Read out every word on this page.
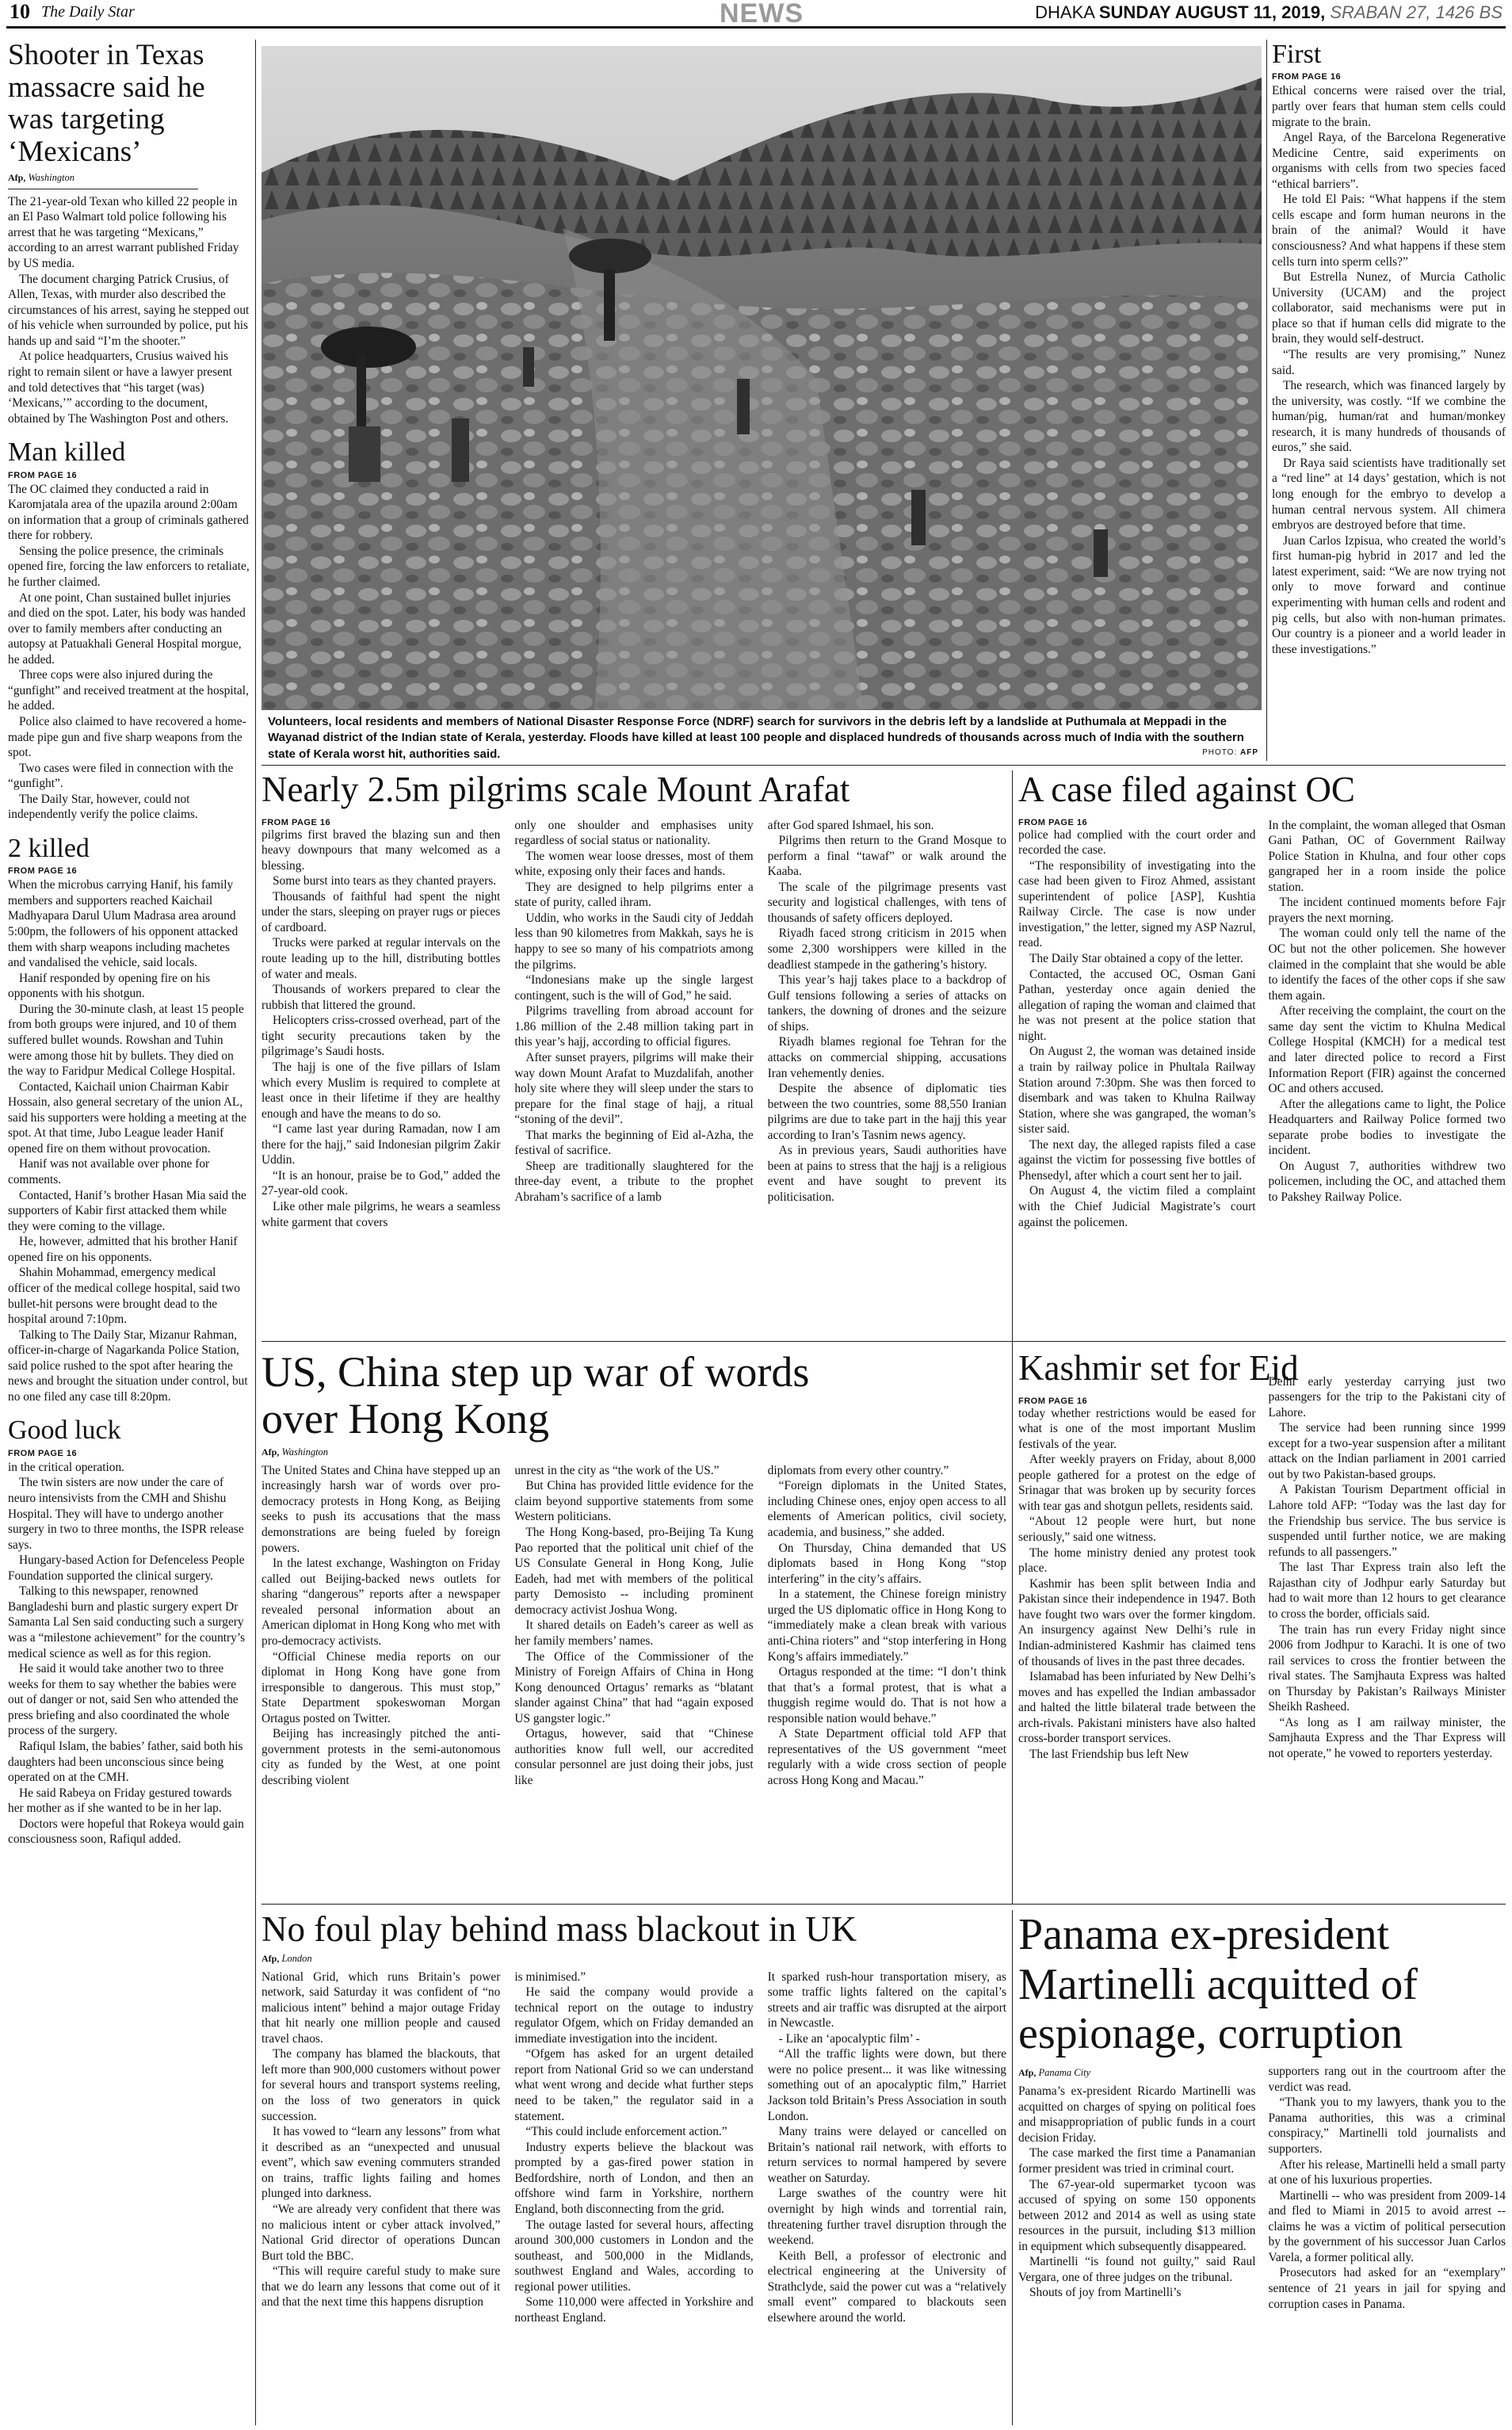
10 The Daily Star	NEWS	DHAKA SUNDAY AUGUST 11, 2019, SRABAN 27, 1426 BS
Shooter in Texas massacre said he was targeting ‘Mexicans’
Afp, Washington

The 21-year-old Texan who killed 22 people in an El Paso Walmart told police following his arrest that he was targeting “Mexicans,” according to an arrest warrant published Friday by US media.

The document charging Patrick Crusius, of Allen, Texas, with murder also described the circumstances of his arrest, saying he stepped out of his vehicle when surrounded by police, put his hands up and said “I’m the shooter.”

At police headquarters, Crusius waived his right to remain silent or have a lawyer present and told detectives that “his target (was) ‘Mexicans,’” according to the document, obtained by The Washington Post and others.

Man killed
FROM PAGE 16

The OC claimed they conducted a raid in Karomjatala area of the upazila around 2:00am on information that a group of criminals gathered there for robbery.

Sensing the police presence, the criminals opened fire, forcing the law enforcers to retaliate, he further claimed.

At one point, Chan sustained bullet injuries and died on the spot. Later, his body was handed over to family members after conducting an autopsy at Patuakhali General Hospital morgue, he added.

Three cops were also injured during the “gunfight” and received treatment at the hospital, he added.

Police also claimed to have recovered a home-made pipe gun and five sharp weapons from the spot.

Two cases were filed in connection with the “gunfight”.

The Daily Star, however, could not independently verify the police claims.

2 killed
FROM PAGE 16

When the microbus carrying Hanif, his family members and supporters reached Kaichail Madhyapara Darul Ulum Madrasa area around 5:00pm, the followers of his opponent attacked them with sharp weapons including machetes and vandalised the vehicle, said locals.

Hanif responded by opening fire on his opponents with his shotgun.

During the 30-minute clash, at least 15 people from both groups were injured, and 10 of them suffered bullet wounds. Rowshan and Tuhin were among those hit by bullets. They died on the way to Faridpur Medical College Hospital.

Contacted, Kaichail union Chairman Kabir Hossain, also general secretary of the union AL, said his supporters were holding a meeting at the spot. At that time, Jubo League leader Hanif opened fire on them without provocation.

Hanif was not available over phone for comments.

Contacted, Hanif’s brother Hasan Mia said the supporters of Kabir first attacked them while they were coming to the village.

He, however, admitted that his brother Hanif opened fire on his opponents.

Shahin Mohammad, emergency medical officer of the medical college hospital, said two bullet-hit persons were brought dead to the hospital around 7:10pm.

Talking to The Daily Star, Mizanur Rahman, officer-in-charge of Nagarkanda Police Station, said police rushed to the spot after hearing the news and brought the situation under control, but no one filed any case till 8:20pm.

Good luck
FROM PAGE 16

in the critical operation.

The twin sisters are now under the care of neuro intensivists from the CMH and Shishu Hospital. They will have to undergo another surgery in two to three months, the ISPR release says.

Hungary-based Action for Defenceless People Foundation supported the clinical surgery.

Talking to this newspaper, renowned Bangladeshi burn and plastic surgery expert Dr Samanta Lal Sen said conducting such a surgery was a “milestone achievement” for the country’s medical science as well as for this region.

He said it would take another two to three weeks for them to say whether the babies were out of danger or not, said Sen who attended the press briefing and also coordinated the whole process of the surgery.

Rafiqul Islam, the babies’ father, said both his daughters had been unconscious since being operated on at the CMH.

He said Rabeya on Friday gestured towards her mother as if she wanted to be in her lap.

Doctors were hopeful that Rokeya would gain consciousness soon, Rafiqul added.

Volunteers, local residents and members of National Disaster Response Force (NDRF) search for survivors in the debris left by a landslide at Puthumala at Meppadi in the Wayanad district of the Indian state of Kerala, yesterday. Floods have killed at least 100 people and displaced hundreds of thousands across much of India with the southern state of Kerala worst hit, authorities said.	PHOTO: AFP
First
FROM PAGE 16

Ethical concerns were raised over the trial, partly over fears that human stem cells could migrate to the brain.

Angel Raya, of the Barcelona Regenerative Medicine Centre, said experiments on organisms with cells from two species faced “ethical barriers”.

He told El Pais: “What happens if the stem cells escape and form human neurons in the brain of the animal? Would it have consciousness? And what happens if these stem cells turn into sperm cells?”

But Estrella Nunez, of Murcia Catholic University (UCAM) and the project collaborator, said mechanisms were put in place so that if human cells did migrate to the brain, they would self-destruct.

“The results are very promising,” Nunez said.

The research, which was financed largely by the university, was costly. “If we combine the human/pig, human/rat and human/monkey research, it is many hundreds of thousands of euros,” she said.

Dr Raya said scientists have traditionally set a “red line” at 14 days’ gestation, which is not long enough for the embryo to develop a human central nervous system. All chimera embryos are destroyed before that time.

Juan Carlos Izpisua, who created the world’s first human-pig hybrid in 2017 and led the latest experiment, said: “We are now trying not only to move forward and continue experimenting with human cells and rodent and pig cells, but also with non-human primates. Our country is a pioneer and a world leader in these investigations.”

Nearly 2.5m pilgrims scale Mount Arafat
FROM PAGE 16

pilgrims first braved the blazing sun and then heavy downpours that many welcomed as a blessing.

Some burst into tears as they chanted prayers.

Thousands of faithful had spent the night under the stars, sleeping on prayer rugs or pieces of cardboard.

Trucks were parked at regular intervals on the route leading up to the hill, distributing bottles of water and meals.

Thousands of workers prepared to clear the rubbish that littered the ground.

Helicopters criss-crossed overhead, part of the tight security precautions taken by the pilgrimage’s Saudi hosts.

The hajj is one of the five pillars of Islam which every Muslim is required to complete at least once in their lifetime if they are healthy enough and have the means to do so.

“I came last year during Ramadan, now I am there for the hajj,” said Indonesian pilgrim Zakir Uddin.

“It is an honour, praise be to God,” added the 27-year-old cook.

Like other male pilgrims, he wears a seamless white garment that covers

only one shoulder and emphasises unity regardless of social status or nationality.

The women wear loose dresses, most of them white, exposing only their faces and hands.

They are designed to help pilgrims enter a state of purity, called ihram.

Uddin, who works in the Saudi city of Jeddah less than 90 kilometres from Makkah, says he is happy to see so many of his compatriots among the pilgrims.

“Indonesians make up the single largest contingent, such is the will of God,” he said.

Pilgrims travelling from abroad account for 1.86 million of the 2.48 million taking part in this year’s hajj, according to official figures.

After sunset prayers, pilgrims will make their way down Mount Arafat to Muzdalifah, another holy site where they will sleep under the stars to prepare for the final stage of hajj, a ritual “stoning of the devil”.

That marks the beginning of Eid al-Azha, the festival of sacrifice.

Sheep are traditionally slaughtered for the three-day event, a tribute to the prophet Abraham’s sacrifice of a lamb

after God spared Ishmael, his son.

Pilgrims then return to the Grand Mosque to perform a final “tawaf” or walk around the Kaaba.

The scale of the pilgrimage presents vast security and logistical challenges, with tens of thousands of safety officers deployed.

Riyadh faced strong criticism in 2015 when some 2,300 worshippers were killed in the deadliest stampede in the gathering’s history.

This year’s hajj takes place to a backdrop of Gulf tensions following a series of attacks on tankers, the downing of drones and the seizure of ships.

Riyadh blames regional foe Tehran for the attacks on commercial shipping, accusations Iran vehemently denies.

Despite the absence of diplomatic ties between the two countries, some 88,550 Iranian pilgrims are due to take part in the hajj this year according to Iran’s Tasnim news agency.

As in previous years, Saudi authorities have been at pains to stress that the hajj is a religious event and have sought to prevent its politicisation.

A case filed against OC
FROM PAGE 16

police had complied with the court order and recorded the case.

“The responsibility of investigating into the case had been given to Firoz Ahmed, assistant superintendent of police [ASP], Kushtia Railway Circle. The case is now under investigation,” the letter, signed my ASP Nazrul, read.

The Daily Star obtained a copy of the letter.

Contacted, the accused OC, Osman Gani Pathan, yesterday once again denied the allegation of raping the woman and claimed that he was not present at the police station that night.

On August 2, the woman was detained inside a train by railway police in Phultala Railway Station around 7:30pm. She was then forced to disembark and was taken to Khulna Railway Station, where she was gangraped, the woman’s sister said.

The next day, the alleged rapists filed a case against the victim for possessing five bottles of Phensedyl, after which a court sent her to jail.

On August 4, the victim filed a complaint with the Chief Judicial Magistrate’s court against the policemen.

In the complaint, the woman alleged that Osman Gani Pathan, OC of Government Railway Police Station in Khulna, and four other cops gangraped her in a room inside the police station.

The incident continued moments before Fajr prayers the next morning.

The woman could only tell the name of the OC but not the other policemen. She however claimed in the complaint that she would be able to identify the faces of the other cops if she saw them again.

After receiving the complaint, the court on the same day sent the victim to Khulna Medical College Hospital (KMCH) for a medical test and later directed police to record a First Information Report (FIR) against the concerned OC and others accused.

After the allegations came to light, the Police Headquarters and Railway Police formed two separate probe bodies to investigate the incident.

On August 7, authorities withdrew two policemen, including the OC, and attached them to Pakshey Railway Police.

US, China step up war of words over Hong Kong
Afp, Washington

The United States and China have stepped up an increasingly harsh war of words over pro-democracy protests in Hong Kong, as Beijing seeks to push its accusations that the mass demonstrations are being fueled by foreign powers.

In the latest exchange, Washington on Friday called out Beijing-backed news outlets for sharing “dangerous” reports after a newspaper revealed personal information about an American diplomat in Hong Kong who met with pro-democracy activists.

“Official Chinese media reports on our diplomat in Hong Kong have gone from irresponsible to dangerous. This must stop,” State Department spokeswoman Morgan Ortagus posted on Twitter.

Beijing has increasingly pitched the anti-government protests in the semi-autonomous city as funded by the West, at one point describing violent

unrest in the city as “the work of the US.”

But China has provided little evidence for the claim beyond supportive statements from some Western politicians.

The Hong Kong-based, pro-Beijing Ta Kung Pao reported that the political unit chief of the US Consulate General in Hong Kong, Julie Eadeh, had met with members of the political party Demosisto -- including prominent democracy activist Joshua Wong.

It shared details on Eadeh’s career as well as her family members’ names.

The Office of the Commissioner of the Ministry of Foreign Affairs of China in Hong Kong denounced Ortagus’ remarks as “blatant slander against China” that had “again exposed US gangster logic.”

Ortagus, however, said that “Chinese authorities know full well, our accredited consular personnel are just doing their jobs, just like

diplomats from every other country.”

“Foreign diplomats in the United States, including Chinese ones, enjoy open access to all elements of American politics, civil society, academia, and business,” she added.

On Thursday, China demanded that US diplomats based in Hong Kong “stop interfering” in the city’s affairs.

In a statement, the Chinese foreign ministry urged the US diplomatic office in Hong Kong to “immediately make a clean break with various anti-China rioters” and “stop interfering in Hong Kong’s affairs immediately.”

Ortagus responded at the time: “I don’t think that that’s a formal protest, that is what a thuggish regime would do. That is not how a responsible nation would behave.”

A State Department official told AFP that representatives of the US government “meet regularly with a wide cross section of people across Hong Kong and Macau.”

Kashmir set for Eid
FROM PAGE 16

today whether restrictions would be eased for what is one of the most important Muslim festivals of the year.

After weekly prayers on Friday, about 8,000 people gathered for a protest on the edge of Srinagar that was broken up by security forces with tear gas and shotgun pellets, residents said.

“About 12 people were hurt, but none seriously,” said one witness.

The home ministry denied any protest took place.

Kashmir has been split between India and Pakistan since their independence in 1947. Both have fought two wars over the former kingdom. An insurgency against New Delhi’s rule in Indian-administered Kashmir has claimed tens of thousands of lives in the past three decades.

Islamabad has been infuriated by New Delhi’s moves and has expelled the Indian ambassador and halted the little bilateral trade between the arch-rivals. Pakistani ministers have also halted cross-border transport services.

The last Friendship bus left New

Delhi early yesterday carrying just two passengers for the trip to the Pakistani city of Lahore.

The service had been running since 1999 except for a two-year suspension after a militant attack on the Indian parliament in 2001 carried out by two Pakistan-based groups.

A Pakistan Tourism Department official in Lahore told AFP: “Today was the last day for the Friendship bus service. The bus service is suspended until further notice, we are making refunds to all passengers.”

The last Thar Express train also left the Rajasthan city of Jodhpur early Saturday but had to wait more than 12 hours to get clearance to cross the border, officials said.

The train has run every Friday night since 2006 from Jodhpur to Karachi. It is one of two rail services to cross the frontier between the rival states. The Samjhauta Express was halted on Thursday by Pakistan’s Railways Minister Sheikh Rasheed.

“As long as I am railway minister, the Samjhauta Express and the Thar Express will not operate,” he vowed to reporters yesterday.

No foul play behind mass blackout in UK
Afp, London

National Grid, which runs Britain’s power network, said Saturday it was confident of “no malicious intent” behind a major outage Friday that hit nearly one million people and caused travel chaos.

The company has blamed the blackouts, that left more than 900,000 customers without power for several hours and transport systems reeling, on the loss of two generators in quick succession.

It has vowed to “learn any lessons” from what it described as an “unexpected and unusual event”, which saw evening commuters stranded on trains, traffic lights failing and homes plunged into darkness.

“We are already very confident that there was no malicious intent or cyber attack involved,” National Grid director of operations Duncan Burt told the BBC.

“This will require careful study to make sure that we do learn any lessons that come out of it and that the next time this happens disruption

is minimised.”

He said the company would provide a technical report on the outage to industry regulator Ofgem, which on Friday demanded an immediate investigation into the incident.

“Ofgem has asked for an urgent detailed report from National Grid so we can understand what went wrong and decide what further steps need to be taken,” the regulator said in a statement.

“This could include enforcement action.”

Industry experts believe the blackout was prompted by a gas-fired power station in Bedfordshire, north of London, and then an offshore wind farm in Yorkshire, northern England, both disconnecting from the grid.

The outage lasted for several hours, affecting around 300,000 customers in London and the southeast, and 500,000 in the Midlands, southwest England and Wales, according to regional power utilities.

Some 110,000 were affected in Yorkshire and northeast England.

It sparked rush-hour transportation misery, as some traffic lights faltered on the capital’s streets and air traffic was disrupted at the airport in Newcastle.

- Like an ‘apocalyptic film’ -

“All the traffic lights were down, but there were no police present... it was like witnessing something out of an apocalyptic film,” Harriet Jackson told Britain’s Press Association in south London.

Many trains were delayed or cancelled on Britain’s national rail network, with efforts to return services to normal hampered by severe weather on Saturday.

Large swathes of the country were hit overnight by high winds and torrential rain, threatening further travel disruption through the weekend.

Keith Bell, a professor of electronic and electrical engineering at the University of Strathclyde, said the power cut was a “relatively small event” compared to blackouts seen elsewhere around the world.

Panama ex-president Martinelli acquitted of espionage, corruption
Afp, Panama City

Panama’s ex-president Ricardo Martinelli was acquitted on charges of spying on political foes and misappropriation of public funds in a court decision Friday.

The case marked the first time a Panamanian former president was tried in criminal court.

The 67-year-old supermarket tycoon was accused of spying on some 150 opponents between 2012 and 2014 as well as using state resources in the pursuit, including $13 million in equipment which subsequently disappeared.

Martinelli “is found not guilty,” said Raul Vergara, one of three judges on the tribunal.

Shouts of joy from Martinelli’s

supporters rang out in the courtroom after the verdict was read.

“Thank you to my lawyers, thank you to the Panama authorities, this was a criminal conspiracy,” Martinelli told journalists and supporters.

After his release, Martinelli held a small party at one of his luxurious properties.

Martinelli -- who was president from 2009-14 and fled to Miami in 2015 to avoid arrest -- claims he was a victim of political persecution by the government of his successor Juan Carlos Varela, a former political ally.

Prosecutors had asked for an “exemplary” sentence of 21 years in jail for spying and corruption cases in Panama.
